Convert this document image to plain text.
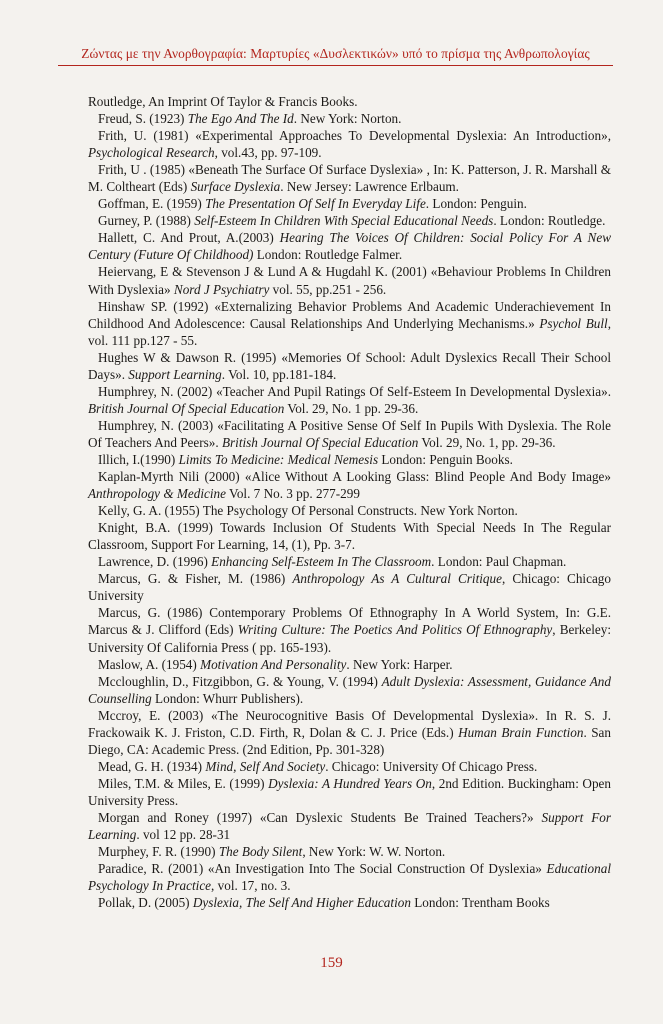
Ζώντας με την Ανορθογραφία: Μαρτυρίες «Δυσλεκτικών» υπό το πρίσμα της Ανθρωπολογίας

Routledge, An Imprint Of Taylor & Francis Books.

Freud, S. (1923) The Ego And The Id. New York: Norton.

Frith, U. (1981) «Experimental Approaches To Developmental Dyslexia: An Introduction», Psychological Research, vol.43, pp. 97-109.

Frith, U . (1985) «Beneath The Surface Of Surface Dyslexia» , In: K. Patterson, J. R. Marshall & M. Coltheart (Eds) Surface Dyslexia. New Jersey: Lawrence Erlbaum.

Goffman, E. (1959) The Presentation Of Self In Everyday Life. London: Penguin.

Gurney, P. (1988) Self-Esteem In Children With Special Educational Needs. London: Routledge.

Hallett, C. And Prout, A.(2003) Hearing The Voices Of Children: Social Policy For A New Century (Future Of Childhood) London: Routledge Falmer.

Heiervang, E & Stevenson J & Lund A & Hugdahl K. (2001) «Behaviour Problems In Children With Dyslexia» Nord J Psychiatry vol. 55, pp.251 - 256.

Hinshaw SP. (1992) «Externalizing Behavior Problems And Academic Underachievement In Childhood And Adolescence: Causal Relationships And Underlying Mechanisms.» Psychol Bull, vol. 111 pp.127 - 55.

Hughes W & Dawson R. (1995) «Memories Of School: Adult Dyslexics Recall Their School Days». Support Learning. Vol. 10, pp.181-184.

Humphrey, N. (2002) «Teacher And Pupil Ratings Of Self-Esteem In Developmental Dyslexia». British Journal Of Special Education Vol. 29, No. 1 pp. 29-36.

Humphrey, N. (2003) «Facilitating A Positive Sense Of Self In Pupils With Dyslexia. The Role Of Teachers And Peers». British Journal Of Special Education Vol. 29, No. 1, pp. 29-36.

Illich, I.(1990) Limits To Medicine: Medical Nemesis London: Penguin Books.

Kaplan-Myrth Nili (2000) «Alice Without A Looking Glass: Blind People And Body Image» Anthropology & Medicine Vol. 7 No. 3 pp. 277-299

Kelly, G. A. (1955) The Psychology Of Personal Constructs. New York Norton.

Knight, B.A. (1999) Towards Inclusion Of Students With Special Needs In The Regular Classroom, Support For Learning, 14, (1), Pp. 3-7.

Lawrence, D. (1996) Enhancing Self-Esteem In The Classroom. London: Paul Chapman.

Marcus, G. & Fisher, M. (1986) Anthropology As A Cultural Critique, Chicago: Chicago University

Marcus, G. (1986) Contemporary Problems Of Ethnography In A World System, In: G.E. Marcus & J. Clifford (Eds) Writing Culture: The Poetics And Politics Of Ethnography, Berkeley: University Of California Press ( pp. 165-193).

Maslow, A. (1954) Motivation And Personality. New York: Harper.

Mccloughlin, D., Fitzgibbon, G. & Young, V. (1994) Adult Dyslexia: Assessment, Guidance And Counselling London: Whurr Publishers).

Mccroy, E. (2003) «The Neurocognitive Basis Of Developmental Dyslexia». In R. S. J. Frackowaik K. J. Friston, C.D. Firth, R, Dolan & C. J. Price (Eds.) Human Brain Function. San Diego, CA: Academic Press. (2nd Edition, Pp. 301-328)

Mead, G. H. (1934) Mind, Self And Society. Chicago: University Of Chicago Press.

Miles, T.M. & Miles, E. (1999) Dyslexia: A Hundred Years On, 2nd Edition. Buckingham: Open University Press.

Morgan and Roney (1997) «Can Dyslexic Students Be Trained Teachers?» Support For Learning. vol 12 pp. 28-31

Murphey, F. R. (1990) The Body Silent, New York: W. W. Norton.

Paradice, R. (2001) «An Investigation Into The Social Construction Of Dyslexia» Educational Psychology In Practice, vol. 17, no. 3.

Pollak, D. (2005) Dyslexia, The Self And Higher Education London: Trentham Books

159
